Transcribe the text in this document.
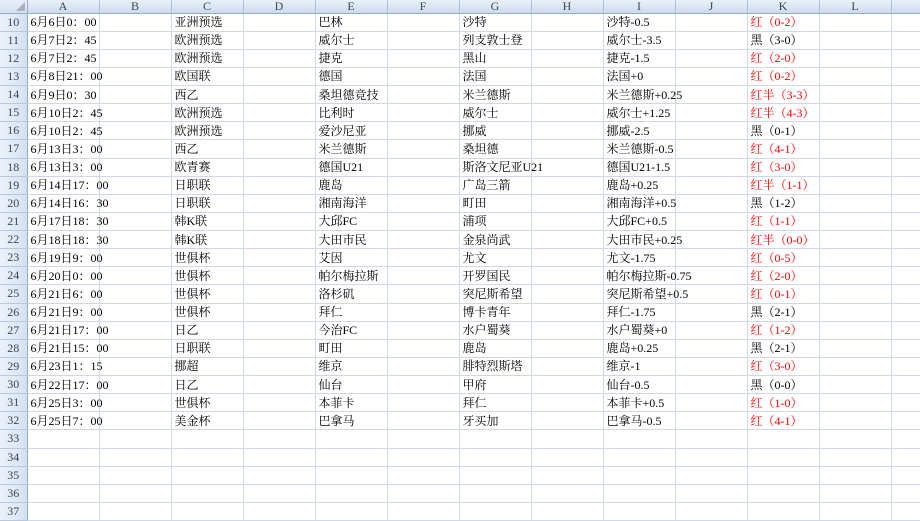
	A	B	C	D	E	F	G	H	I	J	K	L	
10	6月6日0：00		亚洲预选		巴林		沙特		沙特-0.5		红（0-2）		
11	6月7日2：45		欧洲预选		威尔士		列支敦士登		威尔士-3.5		黑（3-0）		
12	6月7日2：45		欧洲预选		捷克		黑山		捷克-1.5		红（2-0）		
13	6月8日21：00		欧国联		德国		法国		法国+0		红（0-2）		
14	6月9日0：30		西乙		桑坦德竞技		米兰德斯		米兰德斯+0.25		红半（3-3）		
15	6月10日2：45		欧洲预选		比利时		威尔士		威尔士+1.25		红半（4-3）		
16	6月10日2：45		欧洲预选		爱沙尼亚		挪威		挪威-2.5		黑（0-1）		
17	6月13日3：00		西乙		米兰德斯		桑坦德		米兰德斯-0.5		红（4-1）		
18	6月13日3：00		欧青赛		德国U21		斯洛文尼亚U21		德国U21-1.5		红（3-0）		
19	6月14日17：00		日职联		鹿岛		广岛三箭		鹿岛+0.25		红半（1-1）		
20	6月14日16：30		日职联		湘南海洋		町田		湘南海洋+0.5		黑（1-2）		
21	6月17日18：30		韩K联		大邱FC		浦项		大邱FC+0.5		红（1-1）		
22	6月18日18：30		韩K联		大田市民		金泉尚武		大田市民+0.25		红半（0-0）		
23	6月19日9：00		世俱杯		艾因		尤文		尤文-1.75		红（0-5）		
24	6月20日0：00		世俱杯		帕尔梅拉斯		开罗国民		帕尔梅拉斯-0.75		红（2-0）		
25	6月21日6：00		世俱杯		洛杉矶		突尼斯希望		突尼斯希望+0.5		红（0-1）		
26	6月21日9：00		世俱杯		拜仁		博卡青年		拜仁-1.75		黑（2-1）		
27	6月21日17：00		日乙		今治FC		水户蜀葵		水户蜀葵+0		红（1-2）		
28	6月21日15：00		日职联		町田		鹿岛		鹿岛+0.25		黑（2-1）		
29	6月23日1：15		挪超		维京		腓特烈斯塔		维京-1		红（3-0）		
30	6月22日17：00		日乙		仙台		甲府		仙台-0.5		黑（0-0）		
31	6月25日3：00		世俱杯		本菲卡		拜仁		本菲卡+0.5		红（1-0）		
32	6月25日7：00		美金杯		巴拿马		牙买加		巴拿马-0.5		红（4-1）		
33													
34													
35													
36													
37													
